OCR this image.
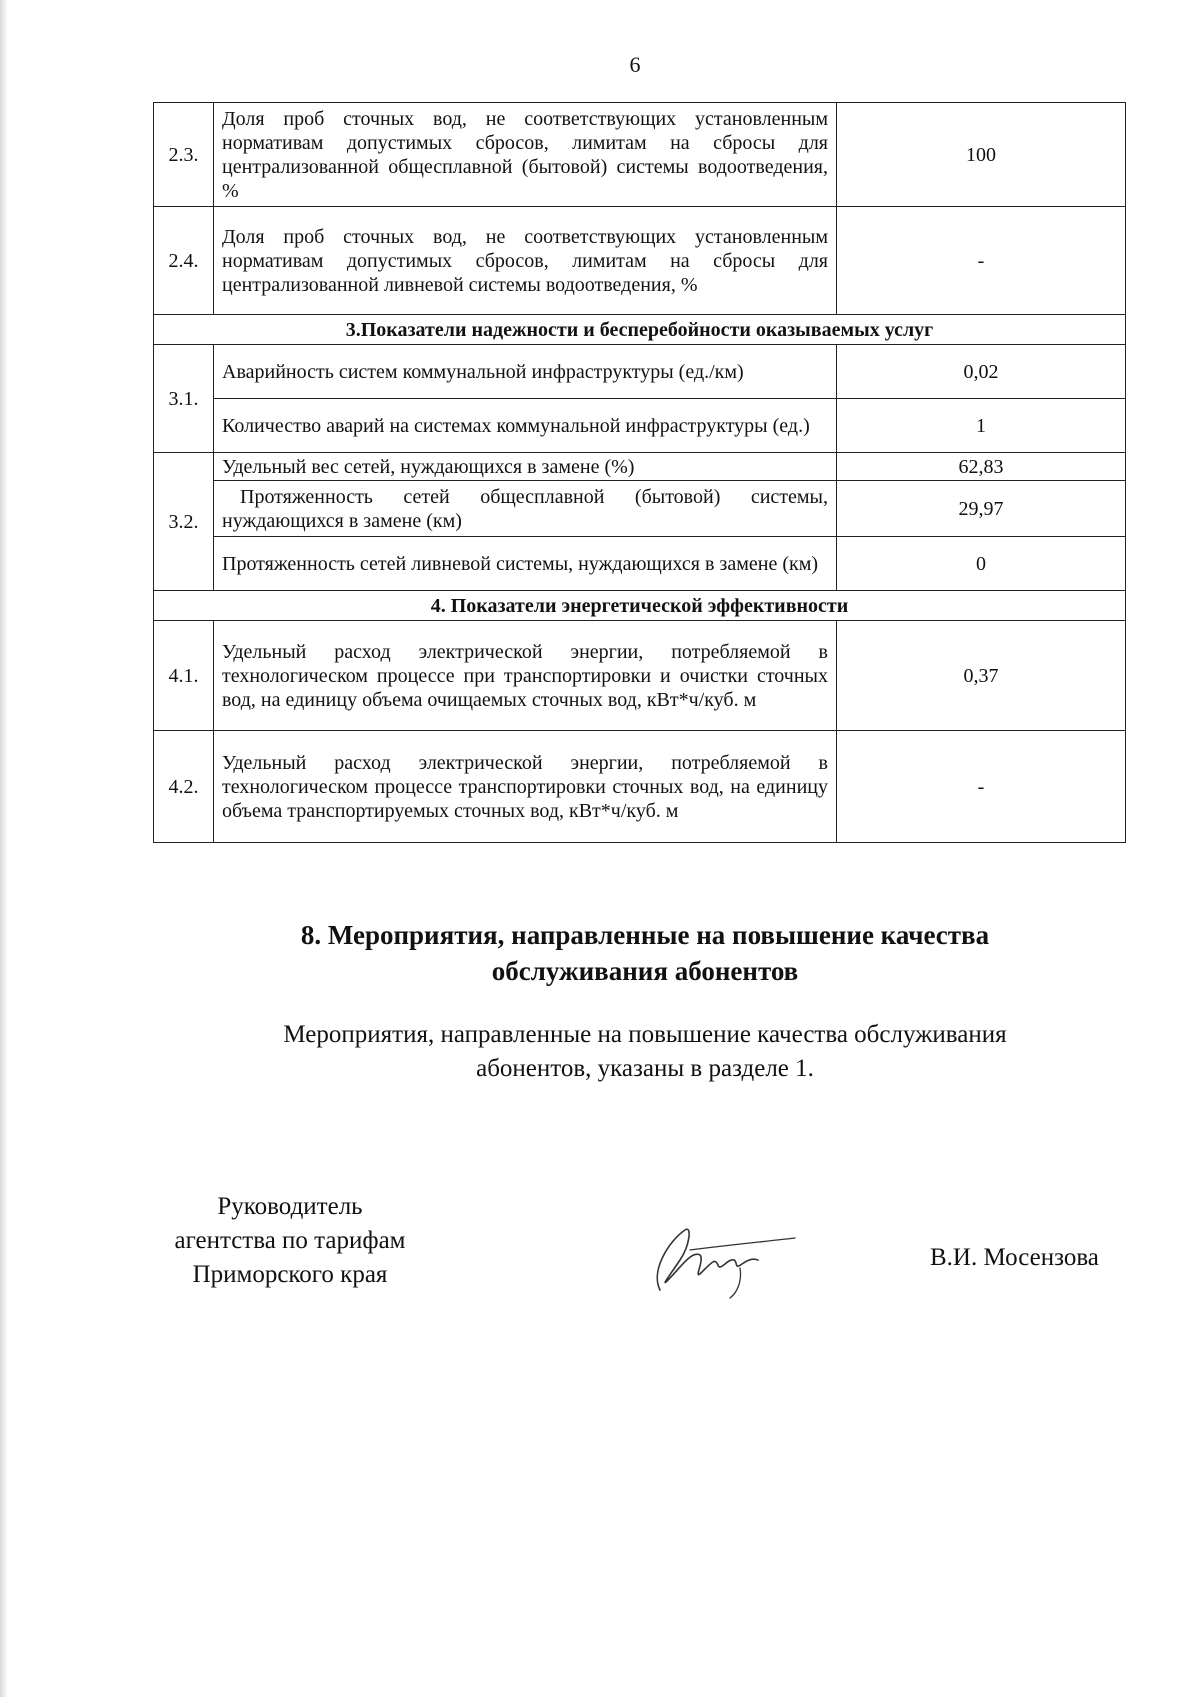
6
2.3.	Доля проб сточных вод, не соответствующих установленным нормативам допустимых сбросов, лимитам на сбросы для централизованной общесплавной (бытовой) системы водоотведения, %	100
2.4.	Доля проб сточных вод, не соответствующих установленным нормативам допустимых сбросов, лимитам на сбросы для централизованной ливневой системы водоотведения, %	-
3.Показатели надежности и бесперебойности оказываемых услуг		
3.1.	Аварийность систем коммунальной инфраструктуры (ед./км)	0,02
	Количество аварий на системах коммунальной инфраструктуры (ед.)	1
3.2.	Удельный вес сетей, нуждающихся в замене (%)	62,83
	Протяженность сетей общесплавной (бытовой) системы, нуждающихся в замене (км)	29,97
	Протяженность сетей ливневой системы, нуждающихся в замене (км)	0
4. Показатели энергетической эффективности		
4.1.	Удельный расход электрической энергии, потребляемой в технологическом процессе при транспортировки и очистки сточных вод, на единицу объема очищаемых сточных вод, кВт*ч/куб. м	0,37
4.2.	Удельный расход электрической энергии, потребляемой в технологическом процессе транспортировки сточных вод, на единицу объема транспортируемых сточных вод, кВт*ч/куб. м	-
8. Мероприятия, направленные на повышение качества
обслуживания абонентов
Мероприятия, направленные на повышение качества обслуживания
абонентов, указаны в разделе 1.
Руководитель
агентства по тарифам
Приморского края
В.И. Мосензова
